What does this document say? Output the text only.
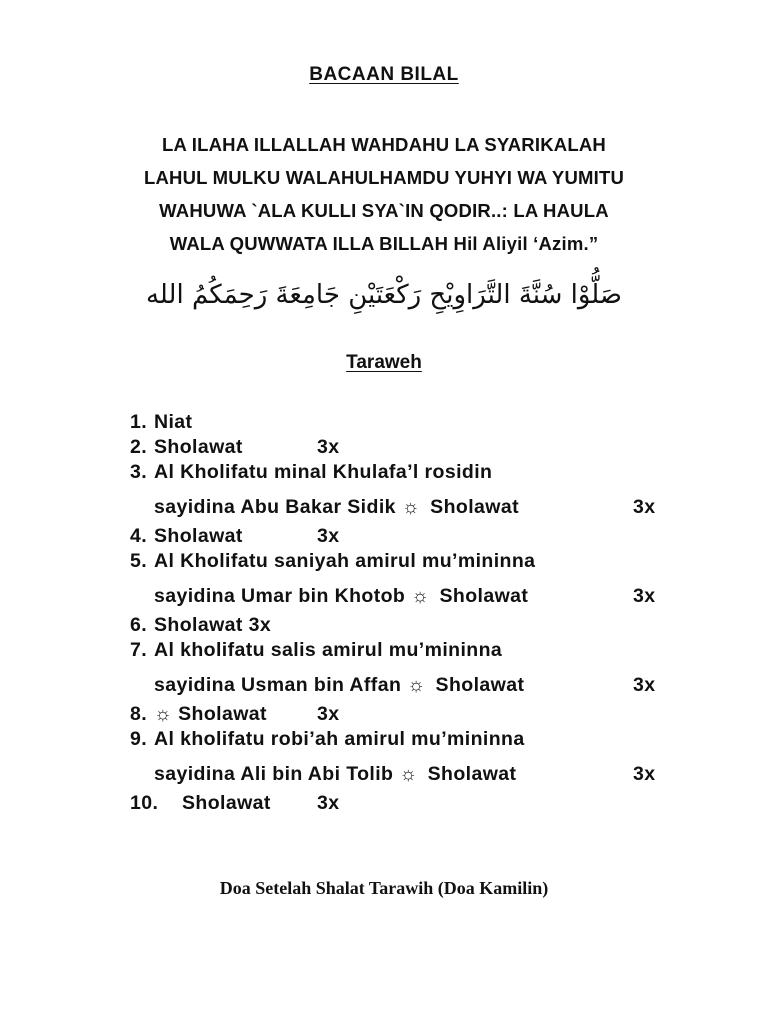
BACAAN BILAL
LA ILAHA ILLALLAH WAHDAHU LA SYARIKALAH
LAHUL MULKU WALAHULHAMDU YUHYI WA YUMITU
WAHUWA `ALA KULLI SYA`IN QODIR..: LA HAULA
WALA QUWWATA ILLA BILLAH Hil Aliyil ‘Azim.”
صَلُّوْا سُنَّةَ التَّرَاوِيْحِ رَكْعَتَيْنِ جَامِعَةَ رَحِمَكُمُ الله
Taraweh
1. Niat
2. Sholawat	3x
3. Al Kholifatu minal Khulafa’l rosidin
sayidina Abu Bakar Sidik ☼ Sholawat	3x
4. Sholawat	3x
5. Al Kholifatu saniyah amirul mu’mininna
sayidina Umar bin Khotob ☼ Sholawat	3x
6. Sholawat 3x
7. Al kholifatu salis amirul mu’mininna
sayidina Usman bin Affan ☼ Sholawat	3x
8. ☼ Sholawat	3x
9. Al kholifatu robi’ah amirul mu’mininna
sayidina Ali bin Abi Tolib ☼ Sholawat	3x
10. Sholawat 3x
Doa Setelah Shalat Tarawih (Doa Kamilin)
